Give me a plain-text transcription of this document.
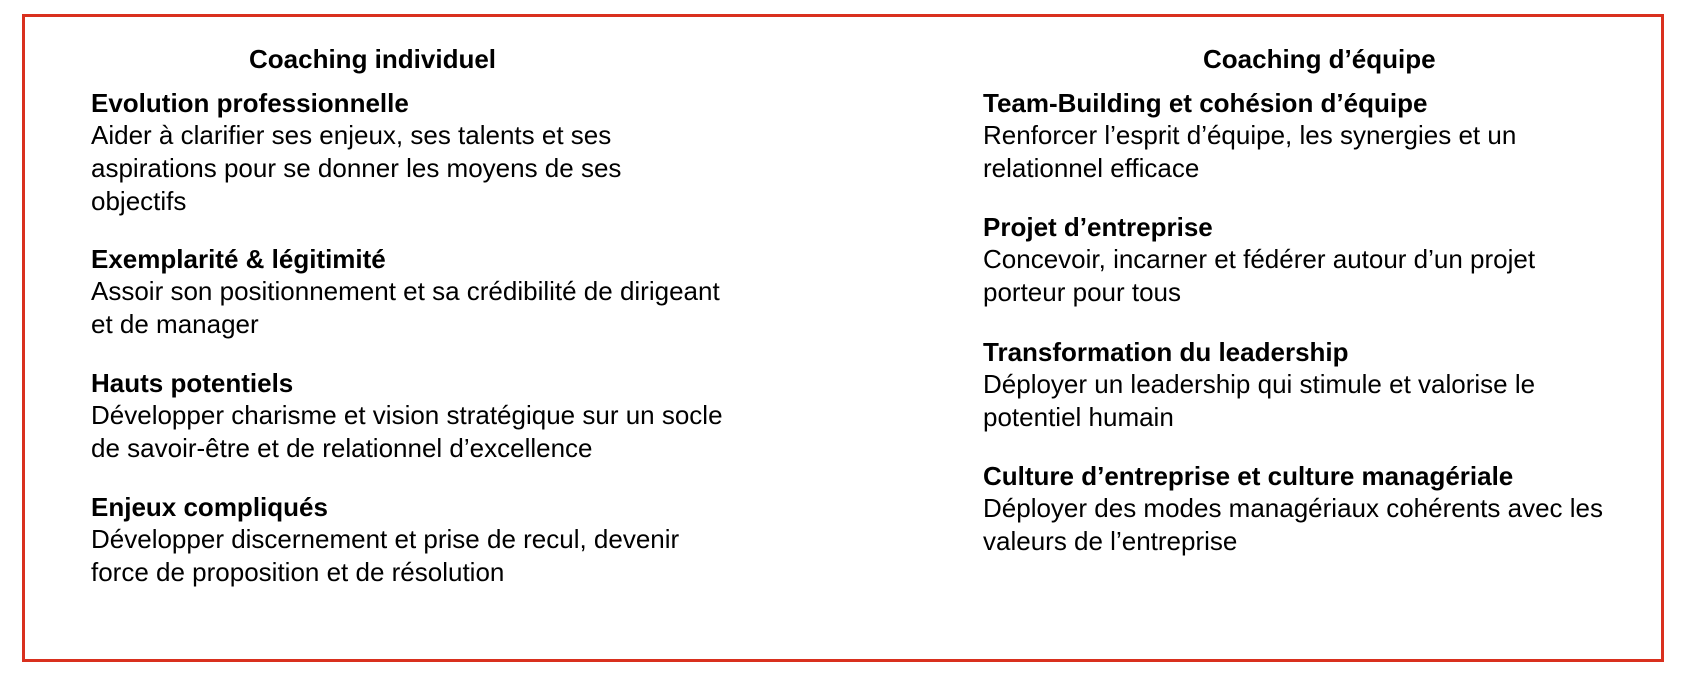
Coaching individuel

Evolution professionnelle

Aider à clarifier ses enjeux, ses talents et ses

aspirations pour se donner les moyens de ses

objectifs

Exemplarité & légitimité

Assoir son positionnement et sa crédibilité de dirigeant

et de manager

Hauts potentiels

Développer charisme et vision stratégique sur un socle

de savoir-être et de relationnel d’excellence

Enjeux compliqués

Développer discernement et prise de recul, devenir

force de proposition et de résolution

Coaching d’équipe

Team-Building et cohésion d’équipe

Renforcer l’esprit d’équipe, les synergies et un

relationnel efficace

Projet d’entreprise

Concevoir, incarner et fédérer autour d’un projet

porteur pour tous

Transformation du leadership

Déployer un leadership qui stimule et valorise le

potentiel humain

Culture d’entreprise et culture managériale

Déployer des modes managériaux cohérents avec les

valeurs de l’entreprise
